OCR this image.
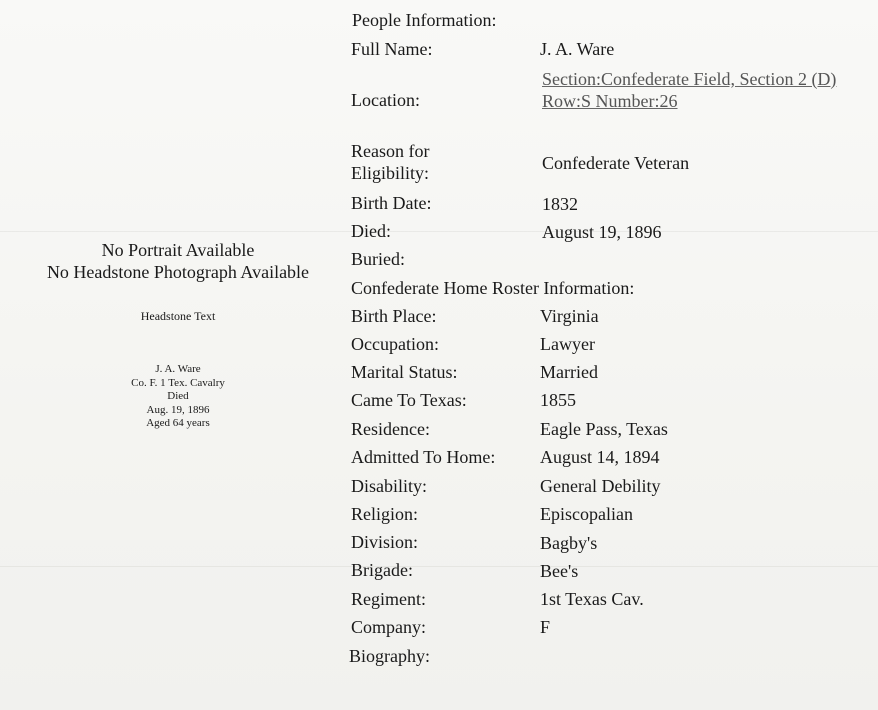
No Portrait Available
No Headstone Photograph Available
Headstone Text
J. A. Ware
Co. F. 1 Tex. Cavalry
Died
Aug. 19, 1896
Aged 64 years
People Information:
Full Name:	J. A. Ware
Location:
Section:Confederate Field, Section 2 (D)
Row:S Number:26
Reason for
Eligibility:	Confederate Veteran
Birth Date:	1832
Died:	August 19, 1896
Buried:
Confederate Home Roster Information:
Birth Place:	Virginia
Occupation:	Lawyer
Marital Status:	Married
Came To Texas:	1855
Residence:	Eagle Pass, Texas
Admitted To Home: August 14, 1894
Disability:	General Debility
Religion:	Episcopalian
Division:	Bagby's
Brigade:	Bee's
Regiment:	1st Texas Cav.
Company:	F
Biography:
